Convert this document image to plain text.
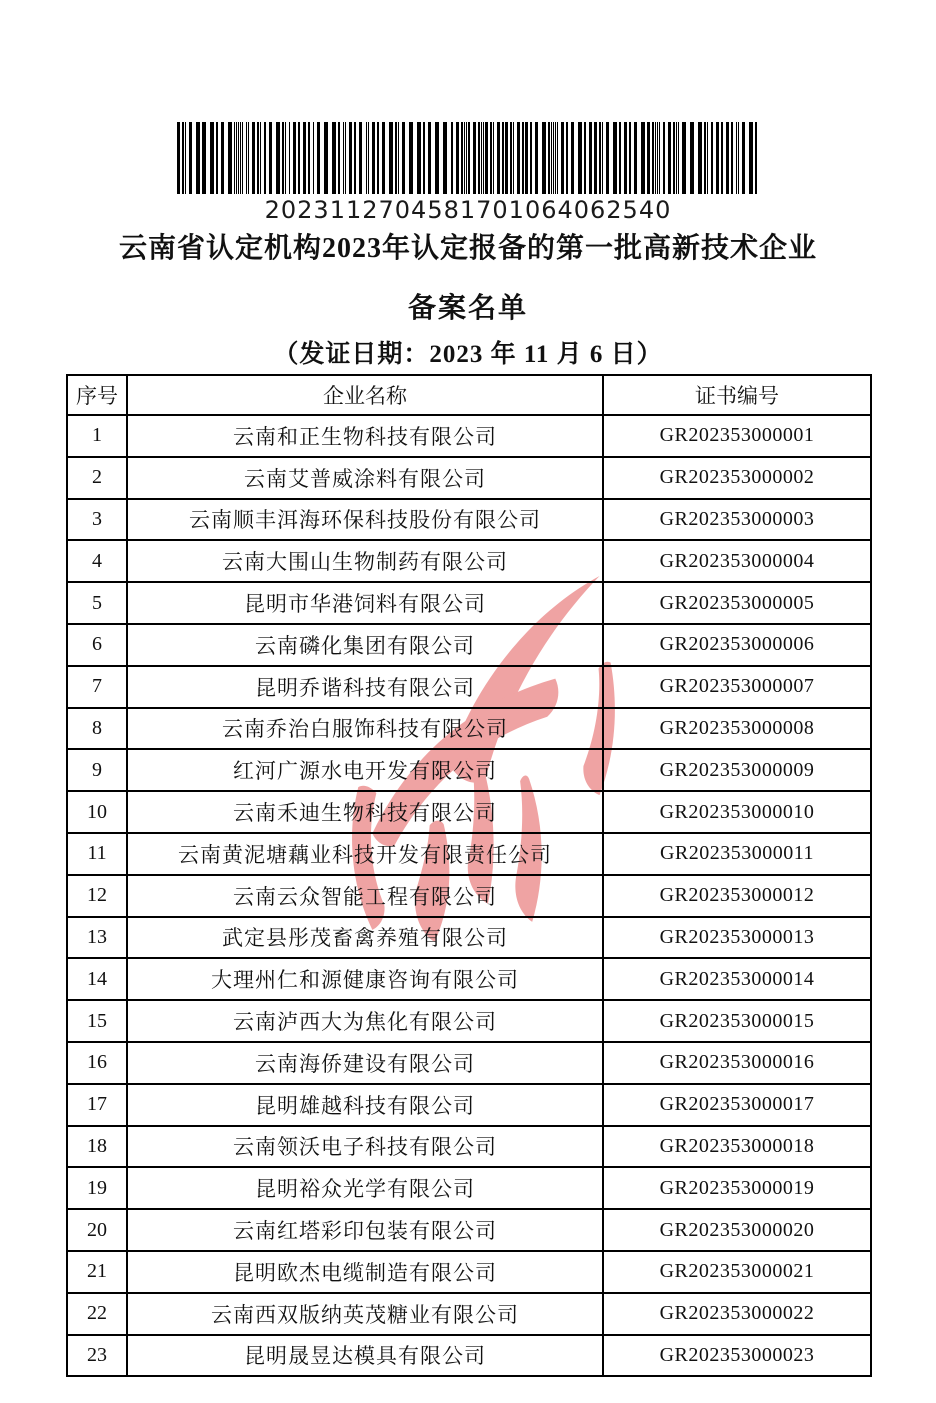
2023112704581701064062540
云南省认定机构2023年认定报备的第一批高新技术企业
备案名单
（发证日期：2023 年 11 月 6 日）
序号	企业名称	证书编号
1	云南和正生物科技有限公司	GR202353000001
2	云南艾普威涂料有限公司	GR202353000002
3	云南顺丰洱海环保科技股份有限公司	GR202353000003
4	云南大围山生物制药有限公司	GR202353000004
5	昆明市华港饲料有限公司	GR202353000005
6	云南磷化集团有限公司	GR202353000006
7	昆明乔谐科技有限公司	GR202353000007
8	云南乔治白服饰科技有限公司	GR202353000008
9	红河广源水电开发有限公司	GR202353000009
10	云南禾迪生物科技有限公司	GR202353000010
11	云南黄泥塘藕业科技开发有限责任公司	GR202353000011
12	云南云众智能工程有限公司	GR202353000012
13	武定县彤茂畜禽养殖有限公司	GR202353000013
14	大理州仁和源健康咨询有限公司	GR202353000014
15	云南泸西大为焦化有限公司	GR202353000015
16	云南海侨建设有限公司	GR202353000016
17	昆明雄越科技有限公司	GR202353000017
18	云南领沃电子科技有限公司	GR202353000018
19	昆明裕众光学有限公司	GR202353000019
20	云南红塔彩印包装有限公司	GR202353000020
21	昆明欧杰电缆制造有限公司	GR202353000021
22	云南西双版纳英茂糖业有限公司	GR202353000022
23	昆明晟昱达模具有限公司	GR202353000023
